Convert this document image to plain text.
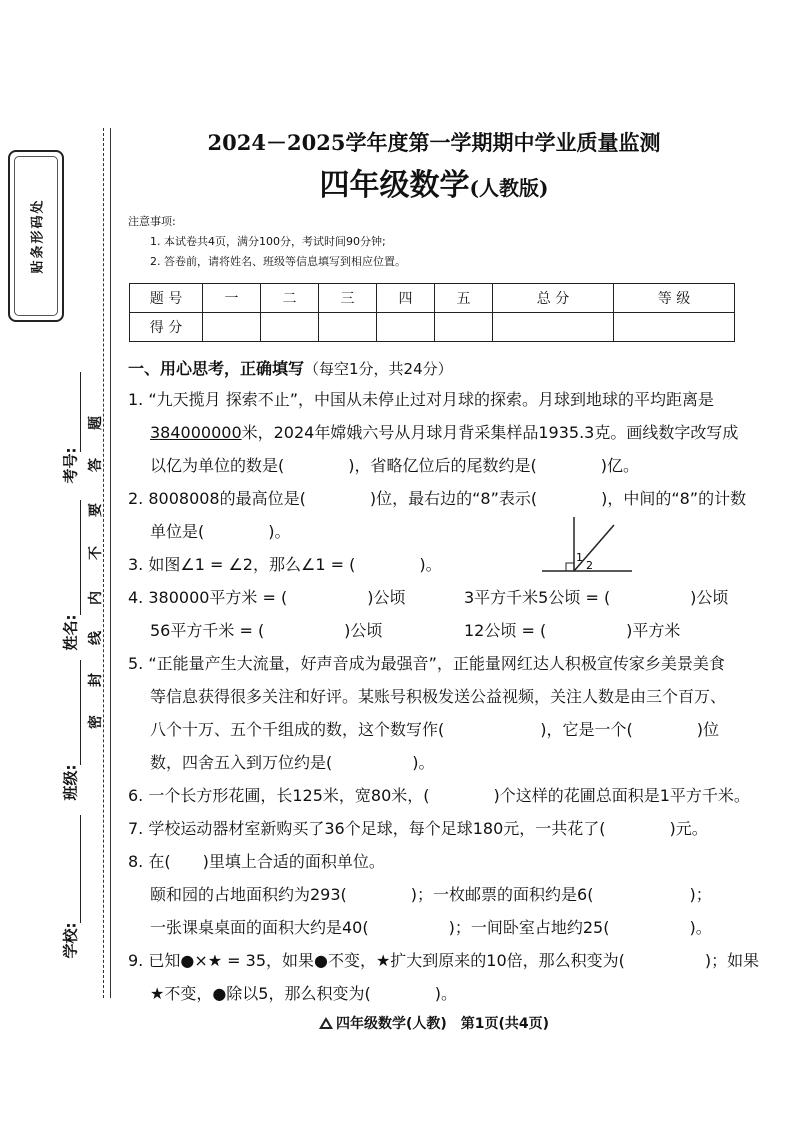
贴条形码处
考号:
姓名:
班级:
学校:
题
答
要
不
内
线
封
密
2024－2025学年度第一学期期中学业质量监测
四年级数学(人教版)
注意事项:
1. 本试卷共4页，满分100分，考试时间90分钟;
2. 答卷前，请将姓名、班级等信息填写到相应位置。
题 号	一	二	三	四	五	总 分	等 级
得 分							
一、用心思考，正确填写（每空1分，共24分）
1. “九天揽月 探索不止”，中国从未停止过对月球的探索。月球到地球的平均距离是
384000000米，2024年嫦娥六号从月球月背采集样品1935.3克。画线数字改写成
以亿为单位的数是(　　　　)，省略亿位后的尾数约是(　　　　)亿。
2. 8008008的最高位是(　　　　)位，最右边的“8”表示(　　　　)，中间的“8”的计数
单位是(　　　　)。
3. 如图∠1 = ∠2，那么∠1 = (　　　　)。	1
2
4. 380000平方米 = (　　　　　)公顷	3平方千米5公顷 = (　　　　　)公顷
56平方千米 = (　　　　　)公顷	12公顷 = (　　　　　)平方米
5. “正能量产生大流量，好声音成为最强音”，正能量网红达人积极宣传家乡美景美食
等信息获得很多关注和好评。某账号积极发送公益视频，关注人数是由三个百万、
八个十万、五个千组成的数，这个数写作(　　　　　　)，它是一个(　　　　)位
数，四舍五入到万位约是(　　　　　)。
6. 一个长方形花圃，长125米，宽80米，(　　　　)个这样的花圃总面积是1平方千米。
7. 学校运动器材室新购买了36个足球，每个足球180元，一共花了(　　　　)元。
8. 在(　　)里填上合适的面积单位。
颐和园的占地面积约为293(　　　　)；一枚邮票的面积约是6(　　　　　　)；
一张课桌桌面的面积大约是40(　　　　　)；一间卧室占地约25(　　　　　)。
9. 已知●×★ = 35，如果●不变，★扩大到原来的10倍，那么积变为(　　　　　)；如果
★不变，●除以5，那么积变为(　　　　)。
四年级数学(人教)　第1页(共4页)
